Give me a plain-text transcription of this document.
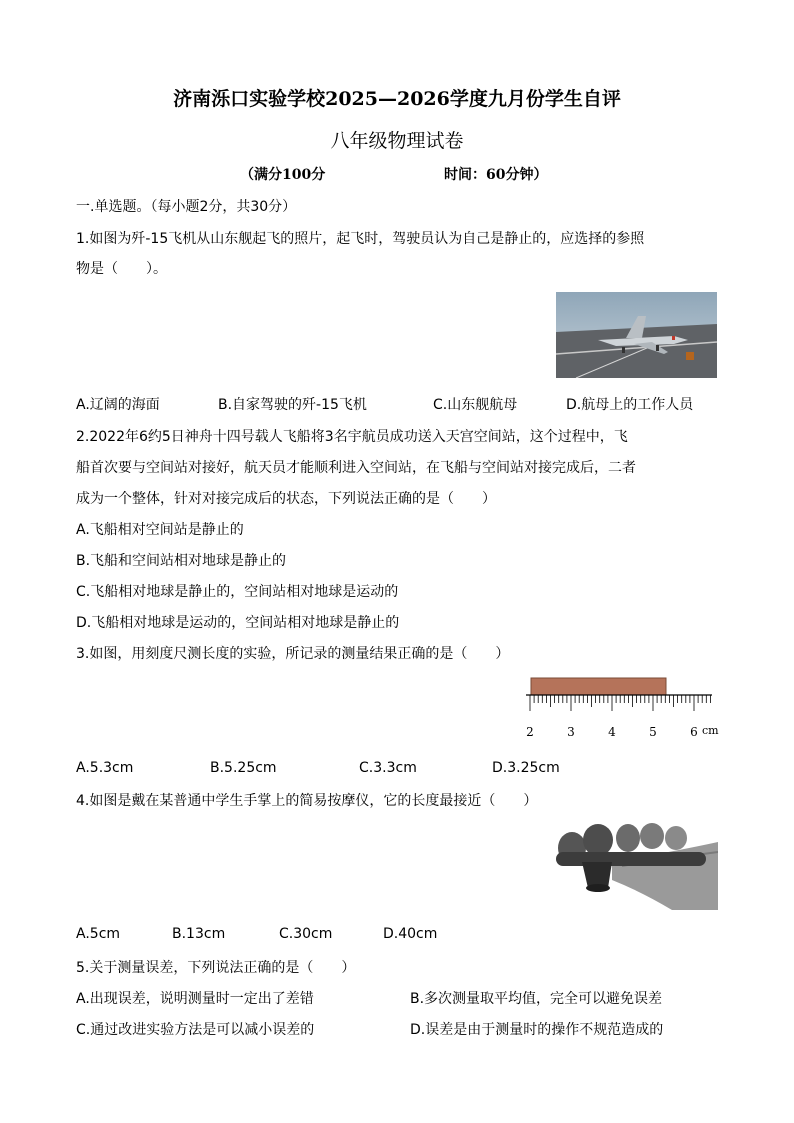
济南泺口实验学校2025—2026学度九月份学生自评
八年级物理试卷
（满分100分	时间：60分钟）
一.单选题。（每小题2分，共30分）
1.如图为歼-15飞机从山东舰起飞的照片，起飞时，驾驶员认为自己是静止的，应选择的参照
物是（　　）。
A.辽阔的海面	B.自家驾驶的歼-15飞机	C.山东舰航母	D.航母上的工作人员
2.2022年6约5日神舟十四号载人飞船将3名宇航员成功送入天宫空间站，这个过程中，飞
船首次要与空间站对接好，航天员才能顺利进入空间站，在飞船与空间站对接完成后，二者
成为一个整体，针对对接完成后的状态，下列说法正确的是（　　）
A.飞船相对空间站是静止的
B.飞船和空间站相对地球是静止的
C.飞船相对地球是静止的，空间站相对地球是运动的
D.飞船相对地球是运动的，空间站相对地球是静止的
3.如图，用刻度尺测长度的实验，所记录的测量结果正确的是（　　）
2	3	4	5	6 cm
A.5.3cm	B.5.25cm	C.3.3cm	D.3.25cm
4.如图是戴在某普通中学生手掌上的简易按摩仪，它的长度最接近（　　）
A.5cm	B.13cm	C.30cm	D.40cm
5.关于测量误差，下列说法正确的是（　　）
A.出现误差，说明测量时一定出了差错	B.多次测量取平均值，完全可以避免误差
C.通过改进实验方法是可以减小误差的	D.误差是由于测量时的操作不规范造成的
